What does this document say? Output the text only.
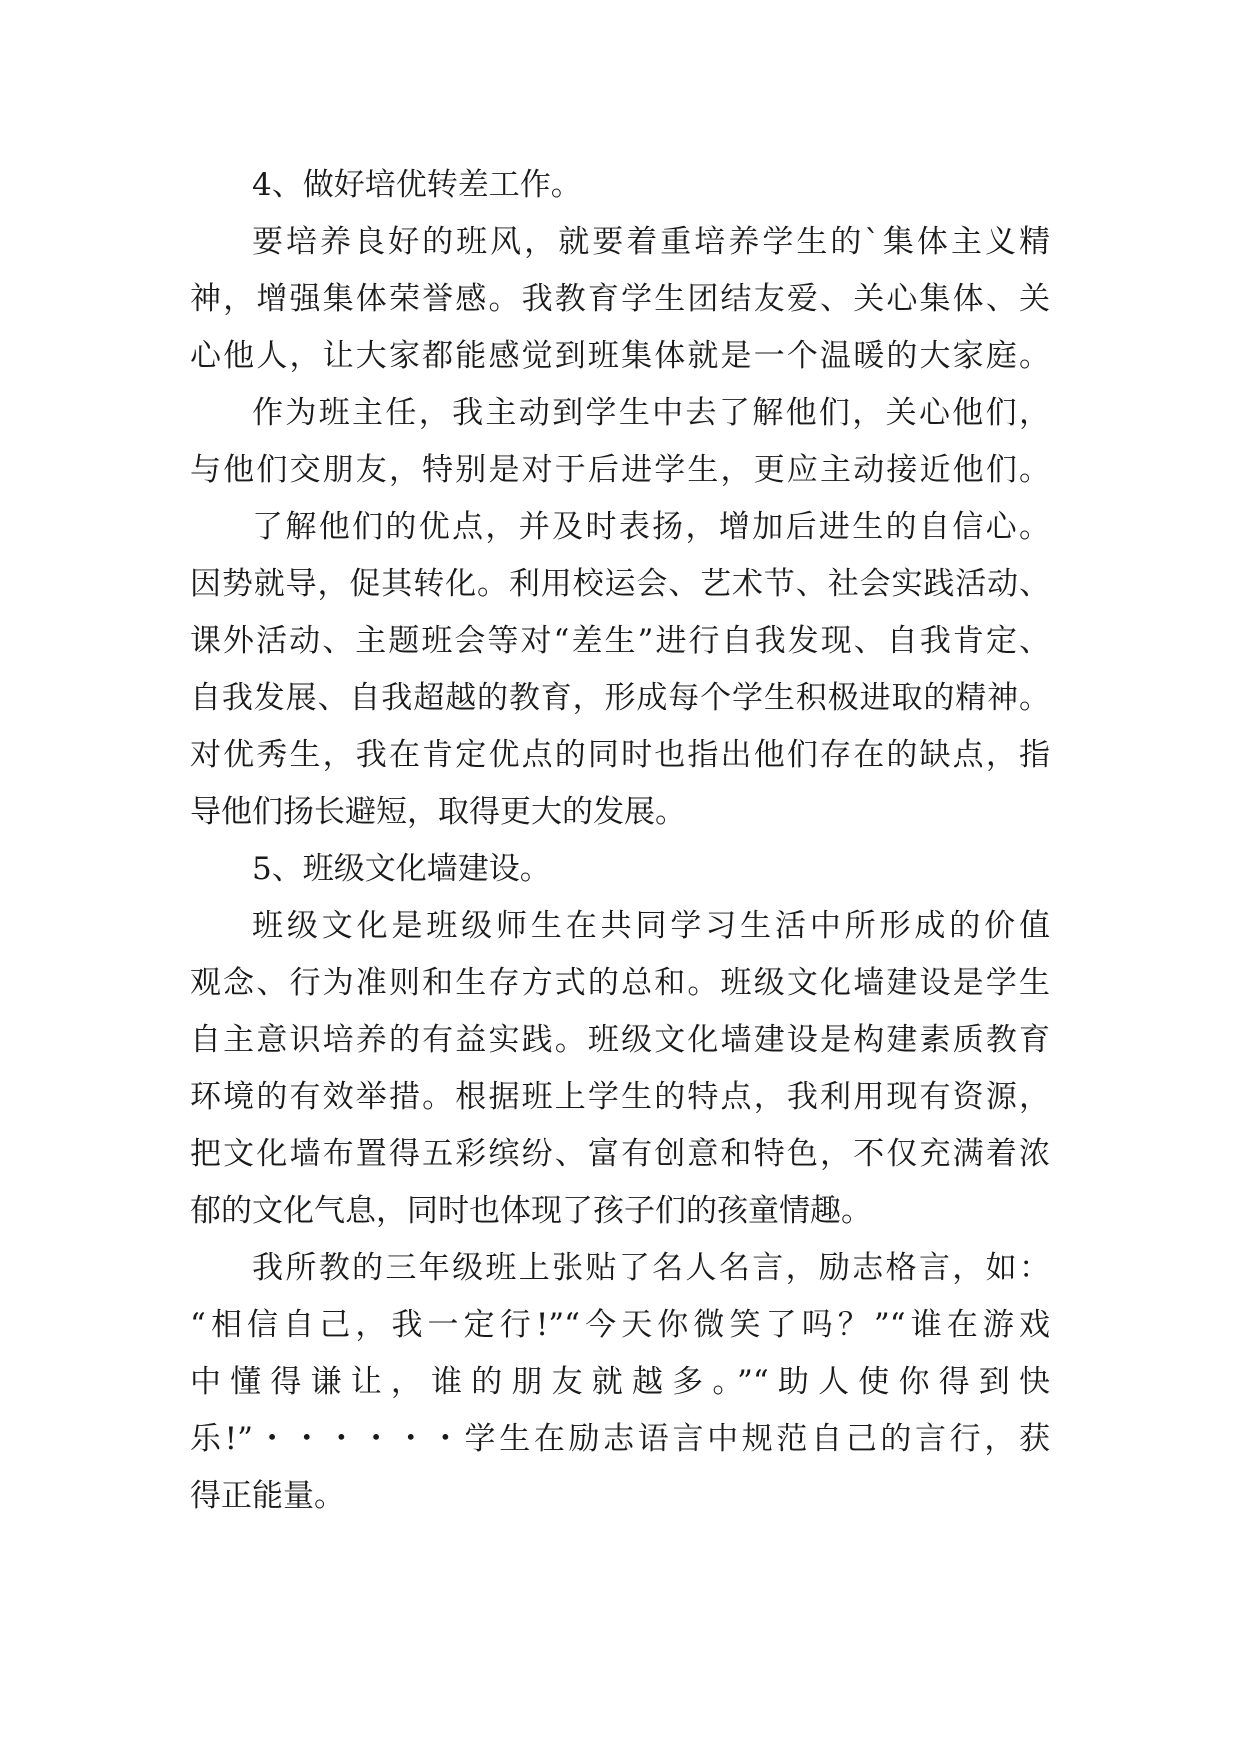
4、做好培优转差工作。
要培养良好的班风，就要着重培养学生的`集体主义精
神，增强集体荣誉感。我教育学生团结友爱、关心集体、关
心他人，让大家都能感觉到班集体就是一个温暖的大家庭。
作为班主任，我主动到学生中去了解他们，关心他们，
与他们交朋友，特别是对于后进学生，更应主动接近他们。
了解他们的优点，并及时表扬，增加后进生的自信心。
因势就导，促其转化。利用校运会、艺术节、社会实践活动、
课外活动、主题班会等对“差生”进行自我发现、自我肯定、
自我发展、自我超越的教育，形成每个学生积极进取的精神。
对优秀生，我在肯定优点的同时也指出他们存在的缺点，指
导他们扬长避短，取得更大的发展。
5、班级文化墙建设。
班级文化是班级师生在共同学习生活中所形成的价值
观念、行为准则和生存方式的总和。班级文化墙建设是学生
自主意识培养的有益实践。班级文化墙建设是构建素质教育
环境的有效举措。根据班上学生的特点，我利用现有资源，
把文化墙布置得五彩缤纷、富有创意和特色，不仅充满着浓
郁的文化气息，同时也体现了孩子们的孩童情趣。
我所教的三年级班上张贴了名人名言，励志格言，如：
“相信自己，我一定行!”“今天你微笑了吗？”“谁在游戏
中懂得谦让，谁的朋友就越多。”“助人使你得到快
乐!”・・・・・・学生在励志语言中规范自己的言行，获
得正能量。
